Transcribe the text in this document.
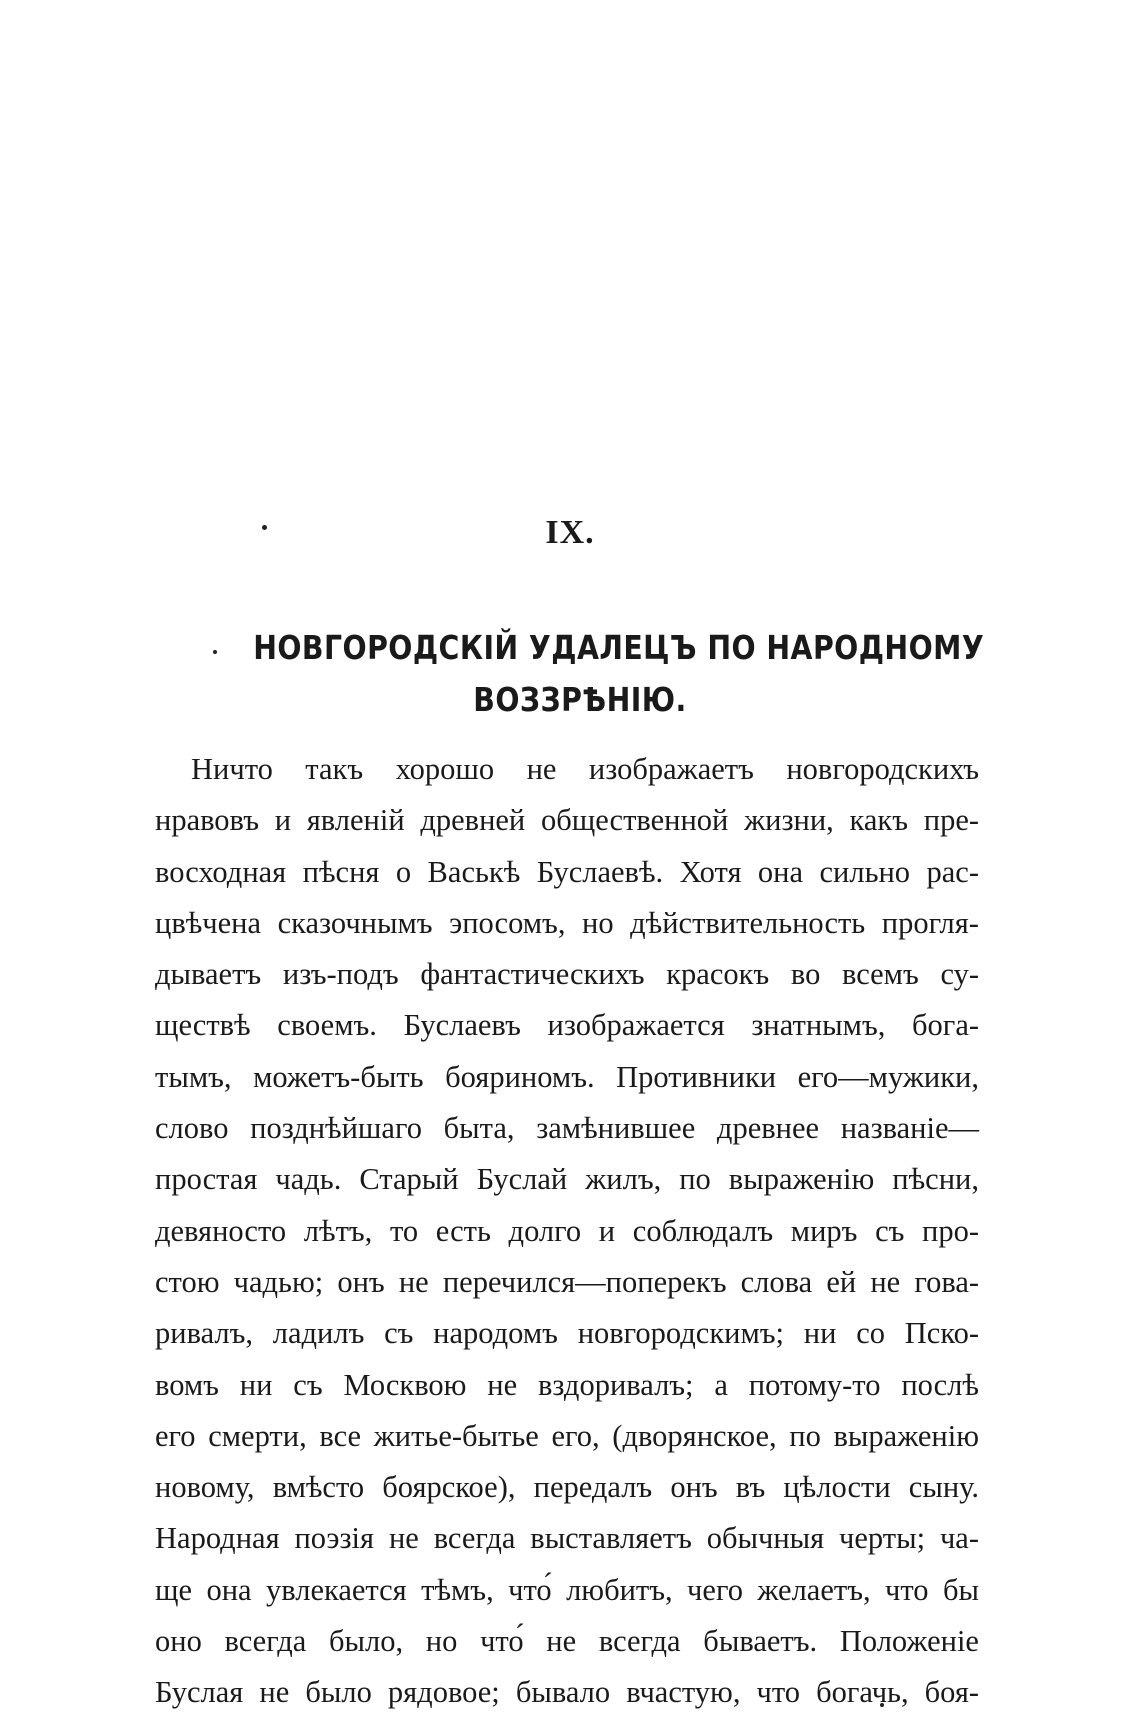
IX.
НОВГОРОДСКІЙ УДАЛЕЦЪ ПО НАРОДНОМУ
ВОЗЗРѢНІЮ.
Ничто такъ хорошо не изображаетъ новгородскихъ
нравовъ и явленій древней общественной жизни, какъ пре-
восходная пѣсня о Васькѣ Буслаевѣ. Хотя она сильно рас-
цвѣчена сказочнымъ эпосомъ, но дѣйствительность прогля-
дываетъ изъ-подъ фантастическихъ красокъ во всемъ су-
ществѣ своемъ. Буслаевъ изображается знатнымъ, бога-
тымъ, можетъ-быть бояриномъ. Противники его—мужики,
слово позднѣйшаго быта, замѣнившее древнее названіе—
простая чадь. Старый Буслай жилъ, по выраженію пѣсни,
девяносто лѣтъ, то есть долго и соблюдалъ миръ съ про-
стою чадью; онъ не перечился—поперекъ слова ей не гова-
ривалъ, ладилъ съ народомъ новгородскимъ; ни со Пско-
вомъ ни съ Москвою не вздоривалъ; а потому-то послѣ
его смерти, все житье-бытье его, (дворянское, по выраженію
новому, вмѣсто боярское), передалъ онъ въ цѣлости сыну.
Народная поэзія не всегда выставляетъ обычныя черты; ча-
ще она увлекается тѣмъ, что́ любитъ, чего желаетъ, что бы
оно всегда было, но что́ не всегда бываетъ. Положеніе
Буслая не было рядовое; бывало вчастую, что богачь, боя-
